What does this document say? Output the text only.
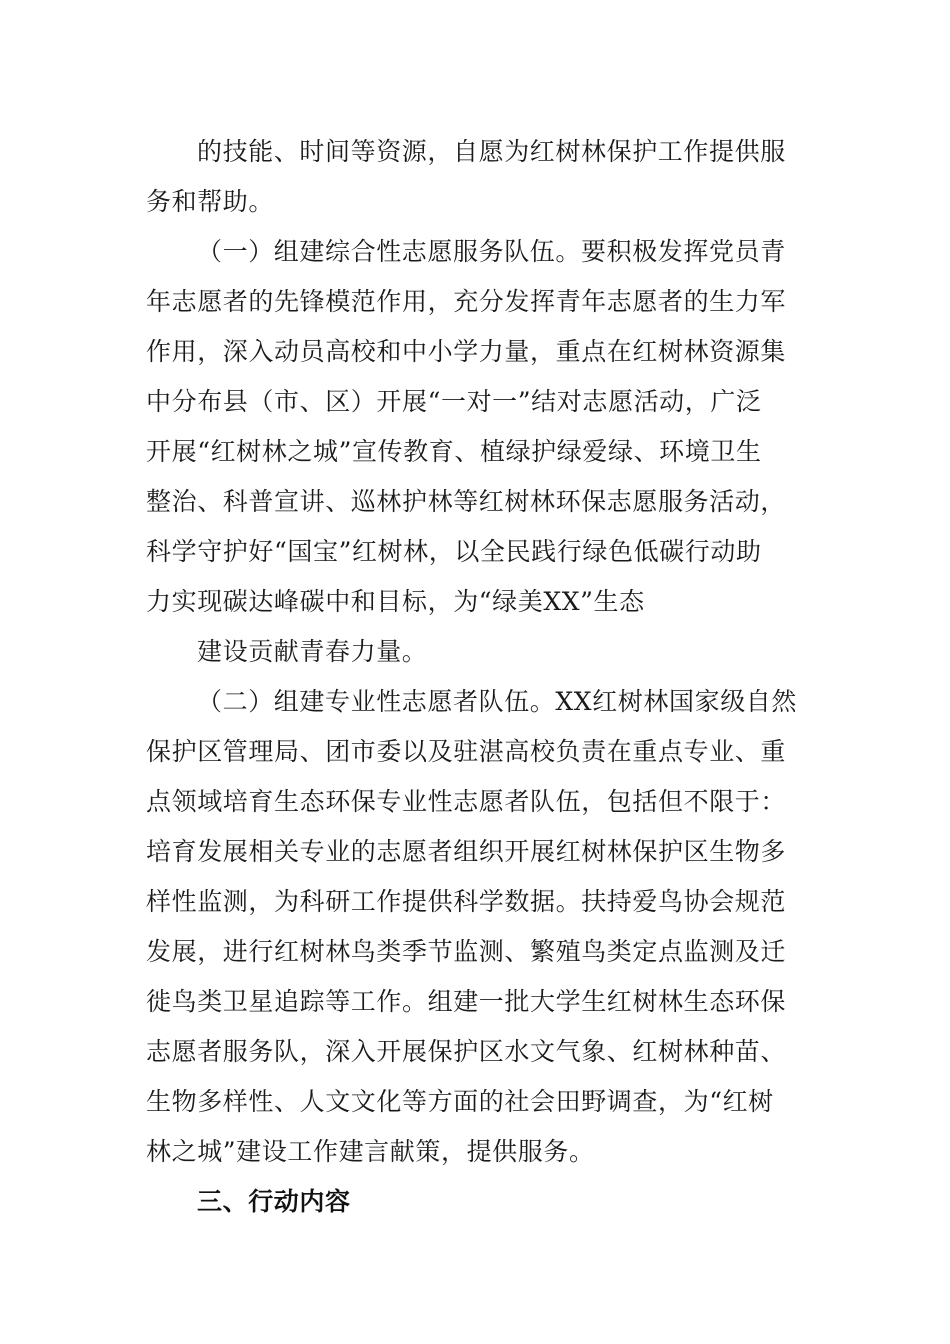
的技能、时间等资源，自愿为红树林保护工作提供服

务和帮助。

（一）组建综合性志愿服务队伍。要积极发挥党员青

年志愿者的先锋模范作用，充分发挥青年志愿者的生力军

作用，深入动员高校和中小学力量，重点在红树林资源集

中分布县（市、区）开展“一对一”结对志愿活动，广泛

开展“红树林之城”宣传教育、植绿护绿爱绿、环境卫生

整治、科普宣讲、巡林护林等红树林环保志愿服务活动，

科学守护好“国宝”红树林，以全民践行绿色低碳行动助

力实现碳达峰碳中和目标，为“绿美XX”生态

建设贡献青春力量。

（二）组建专业性志愿者队伍。XX红树林国家级自然

保护区管理局、团市委以及驻湛高校负责在重点专业、重

点领域培育生态环保专业性志愿者队伍，包括但不限于：

培育发展相关专业的志愿者组织开展红树林保护区生物多

样性监测，为科研工作提供科学数据。扶持爱鸟协会规范

发展，进行红树林鸟类季节监测、繁殖鸟类定点监测及迁

徙鸟类卫星追踪等工作。组建一批大学生红树林生态环保

志愿者服务队，深入开展保护区水文气象、红树林种苗、

生物多样性、人文文化等方面的社会田野调查，为“红树

林之城”建设工作建言献策，提供服务。

三、行动内容
